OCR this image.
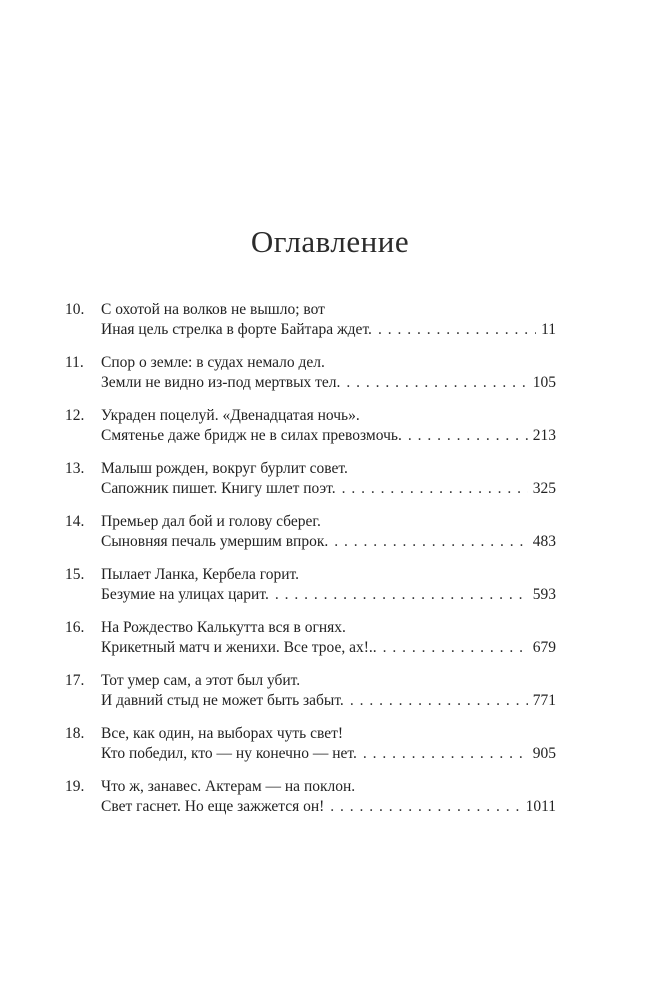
Оглавление
10.	С охотой на волков не вышло; вот
Иная цель стрелка в форте Байтара ждет. . . .	11
11.	Спор о земле: в судах немало дел.
Земли не видно из-под мертвых тел. . . .	105
12.	Украден поцелуй. «Двенадцатая ночь».
Смятенье даже бридж не в силах превозмочь. . . .	213
13.	Малыш рожден, вокруг бурлит совет.
Сапожник пишет. Книгу шлет поэт. . . .	325
14.	Премьер дал бой и голову сберег.
Сыновняя печаль умершим впрок. . . .	483
15.	Пылает Ланка, Кербела горит.
Безумие на улицах царит. . . .	593
16.	На Рождество Калькутта вся в огнях.
Крикетный матч и женихи. Все трое, ах!.. . . .	679
17.	Тот умер сам, а этот был убит.
И давний стыд не может быть забыт. . . .	771
18.	Все, как один, на выборах чуть свет!
Кто победил, кто — ну конечно — нет. . . .	905
19.	Что ж, занавес. Актерам — на поклон.
Свет гаснет. Но еще зажжется он! . . .	1011
